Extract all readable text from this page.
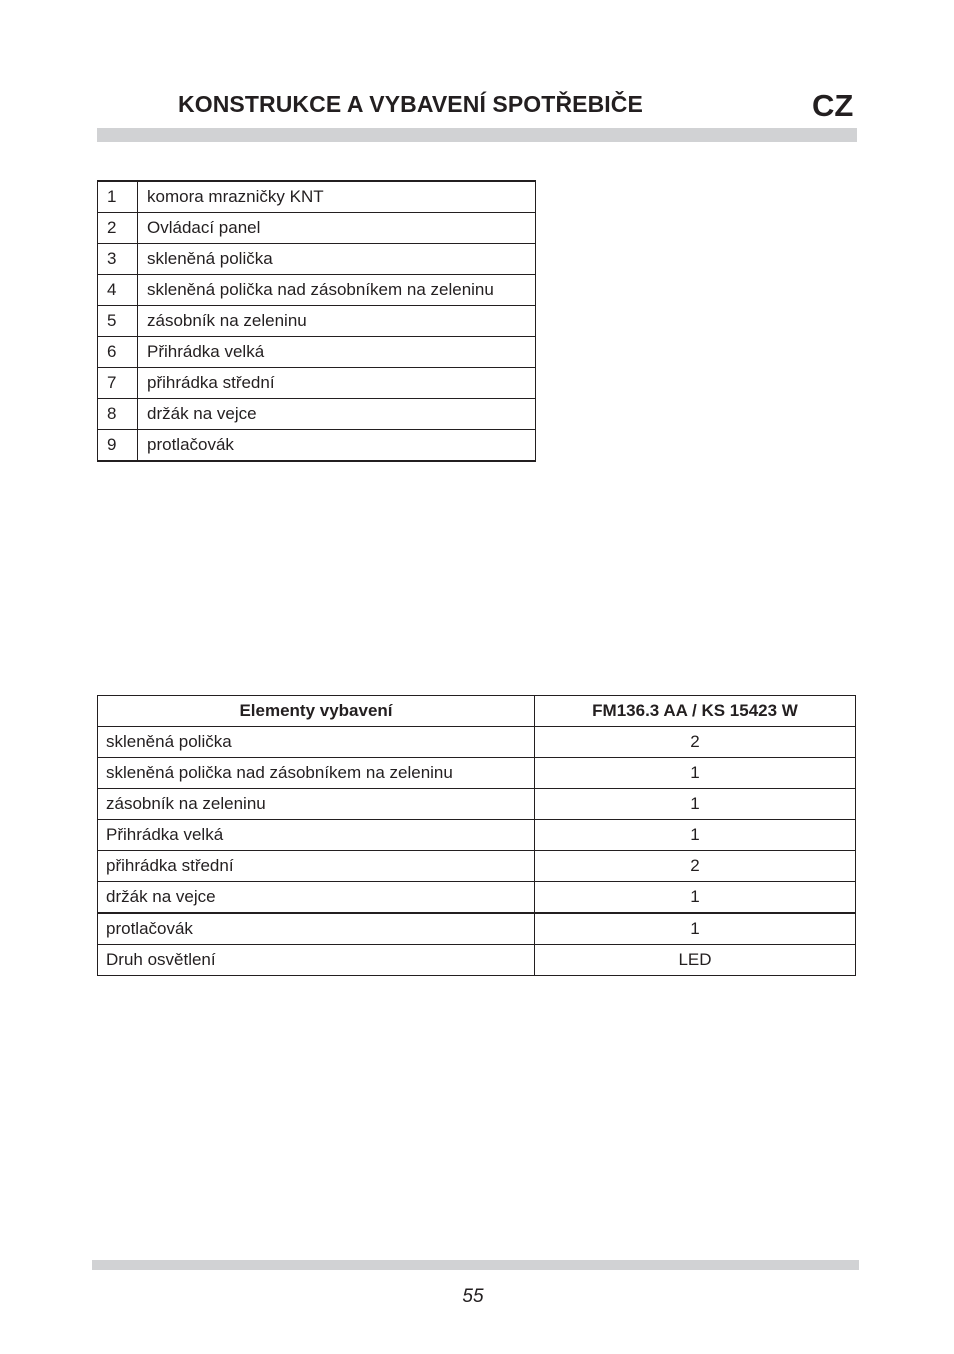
KONSTRUKCE A VYBAVENÍ SPOTŘEBIČE	CZ
1	komora mrazničky KNT
2	Ovládací panel
3	skleněná polička
4	skleněná polička nad zásobníkem na zeleninu
5	zásobník na zeleninu
6	Přihrádka velká
7	přihrádka střední
8	držák na vejce
9	protlačovák
Elementy vybavení	FM136.3 AA / KS 15423 W
skleněná polička	2
skleněná polička nad zásobníkem na zeleninu	1
zásobník na zeleninu	1
Přihrádka velká	1
přihrádka střední	2
držák na vejce	1
protlačovák	1
Druh osvětlení	LED
55
